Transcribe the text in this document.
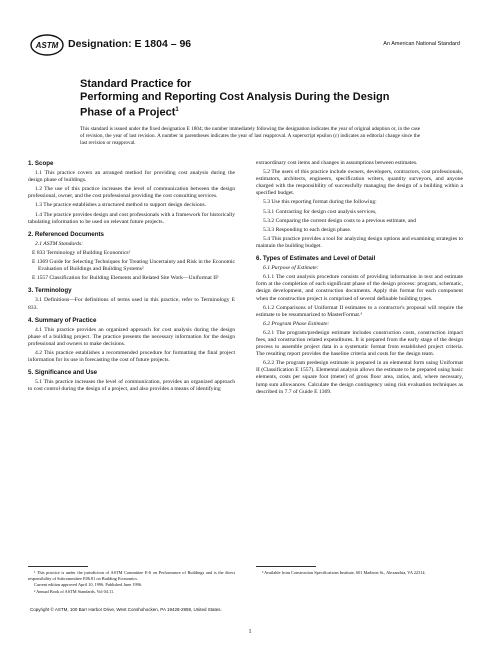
ASTM Designation: E 1804 – 96	An American National Standard
Standard Practice for
Performing and Reporting Cost Analysis During the Design
Phase of a Project$^1$
This standard is issued under the fixed designation E 1804; the number immediately following the designation indicates the year of original adoption or, in the case of revision, the year of last revision. A number in parentheses indicates the year of last reapproval. A superscript epsilon (ε) indicates an editorial change since the last revision or reapproval.
1. Scope

1.1 This practice covers an arranged method for providing cost analysis during the design phase of buildings.

1.2 The use of this practice increases the level of communication between the design professional, owner, and the cost professional providing the cost consulting services.

1.3 The practice establishes a structured method to support design decisions.

1.4 The practice provides design and cost professionals with a framework for historically tabulating information to be used on relevant future projects.

2. Referenced Documents

2.1 ASTM Standards:

E 833 Terminology of Building Economics²

E 1369 Guide for Selecting Techniques for Treating Uncertainty and Risk in the Economic Evaluation of Buildings and Building Systems²

E 1557 Classification for Building Elements and Related Site Work—Uniformat II²

3. Terminology

3.1 Definitions—For definitions of terms used in this practice, refer to Terminology E 833.

4. Summary of Practice

4.1 This practice provides an organized approach for cost analysis during the design phase of a building project. The practice presents the necessary information for the design professional and owners to make decisions.

4.2 This practice establishes a recommended procedure for formatting the final project information for its use in forecasting the cost of future projects.

5. Significance and Use

5.1 This practice increases the level of communication, provides an organized approach to cost control during the design of a project, and also provides a means of identifying

extraordinary cost items and changes in assumptions between estimates.

5.2 The users of this practice include owners, developers, contractors, cost professionals, estimators, architects, engineers, specification writers, quantity surveyors, and anyone charged with the responsibility of successfully managing the design of a building within a specified budget.

5.3 Use this reporting format during the following:

5.3.1 Contracting for design cost analysis services,

5.3.2 Comparing the current design costs to a previous estimate, and

5.3.3 Responding to each design phase.

5.4 This practice provides a tool for analyzing design options and examining strategies to maintain the building budget.

6. Types of Estimates and Level of Detail

6.1 Purpose of Estimate:

6.1.1 The cost analysis procedure consists of providing information in text and estimate form at the completion of each significant phase of the design process: program, schematic, design development, and construction documents. Apply this format for each component when the construction project is comprised of several definable building types.

6.1.2 Comparisons of Uniformat II estimates to a contractor's proposal will require the estimate to be resummarized to MasterFormat.³

6.2 Program Phase Estimate:

6.2.1 The program/predesign estimate includes construction costs, construction impact fees, and construction related expenditures. It is prepared from the early stage of the design process to assemble project data in a systematic format from established project criteria. The resulting report provides the baseline criteria and costs for the design team.

6.2.2 The program predesign estimate is prepared in an elemental form using Uniformat II (Classification E 1557). Elemental analysis allows the estimate to be prepared using basic elements, costs per square foot (meter) of gross floor area, ratios, and, where necessary, lump sum allowances. Calculate the design contingency using risk evaluation techniques as described in 7.7 of Guide E 1369.

¹ This practice is under the jurisdiction of ASTM Committee E-6 on Performance of Buildings and is the direct responsibility of Subcommittee E06.81 on Building Economics.

Current edition approved April 10, 1996. Published June 1996.

² Annual Book of ASTM Standards, Vol 04.11.

³ Available from Construction Specifications Institute, 601 Madison St., Alexandria, VA 22314.

Copyright © ASTM, 100 Barr Harbor Drive, West Conshohocken, PA 19428-2959, United States.
1
